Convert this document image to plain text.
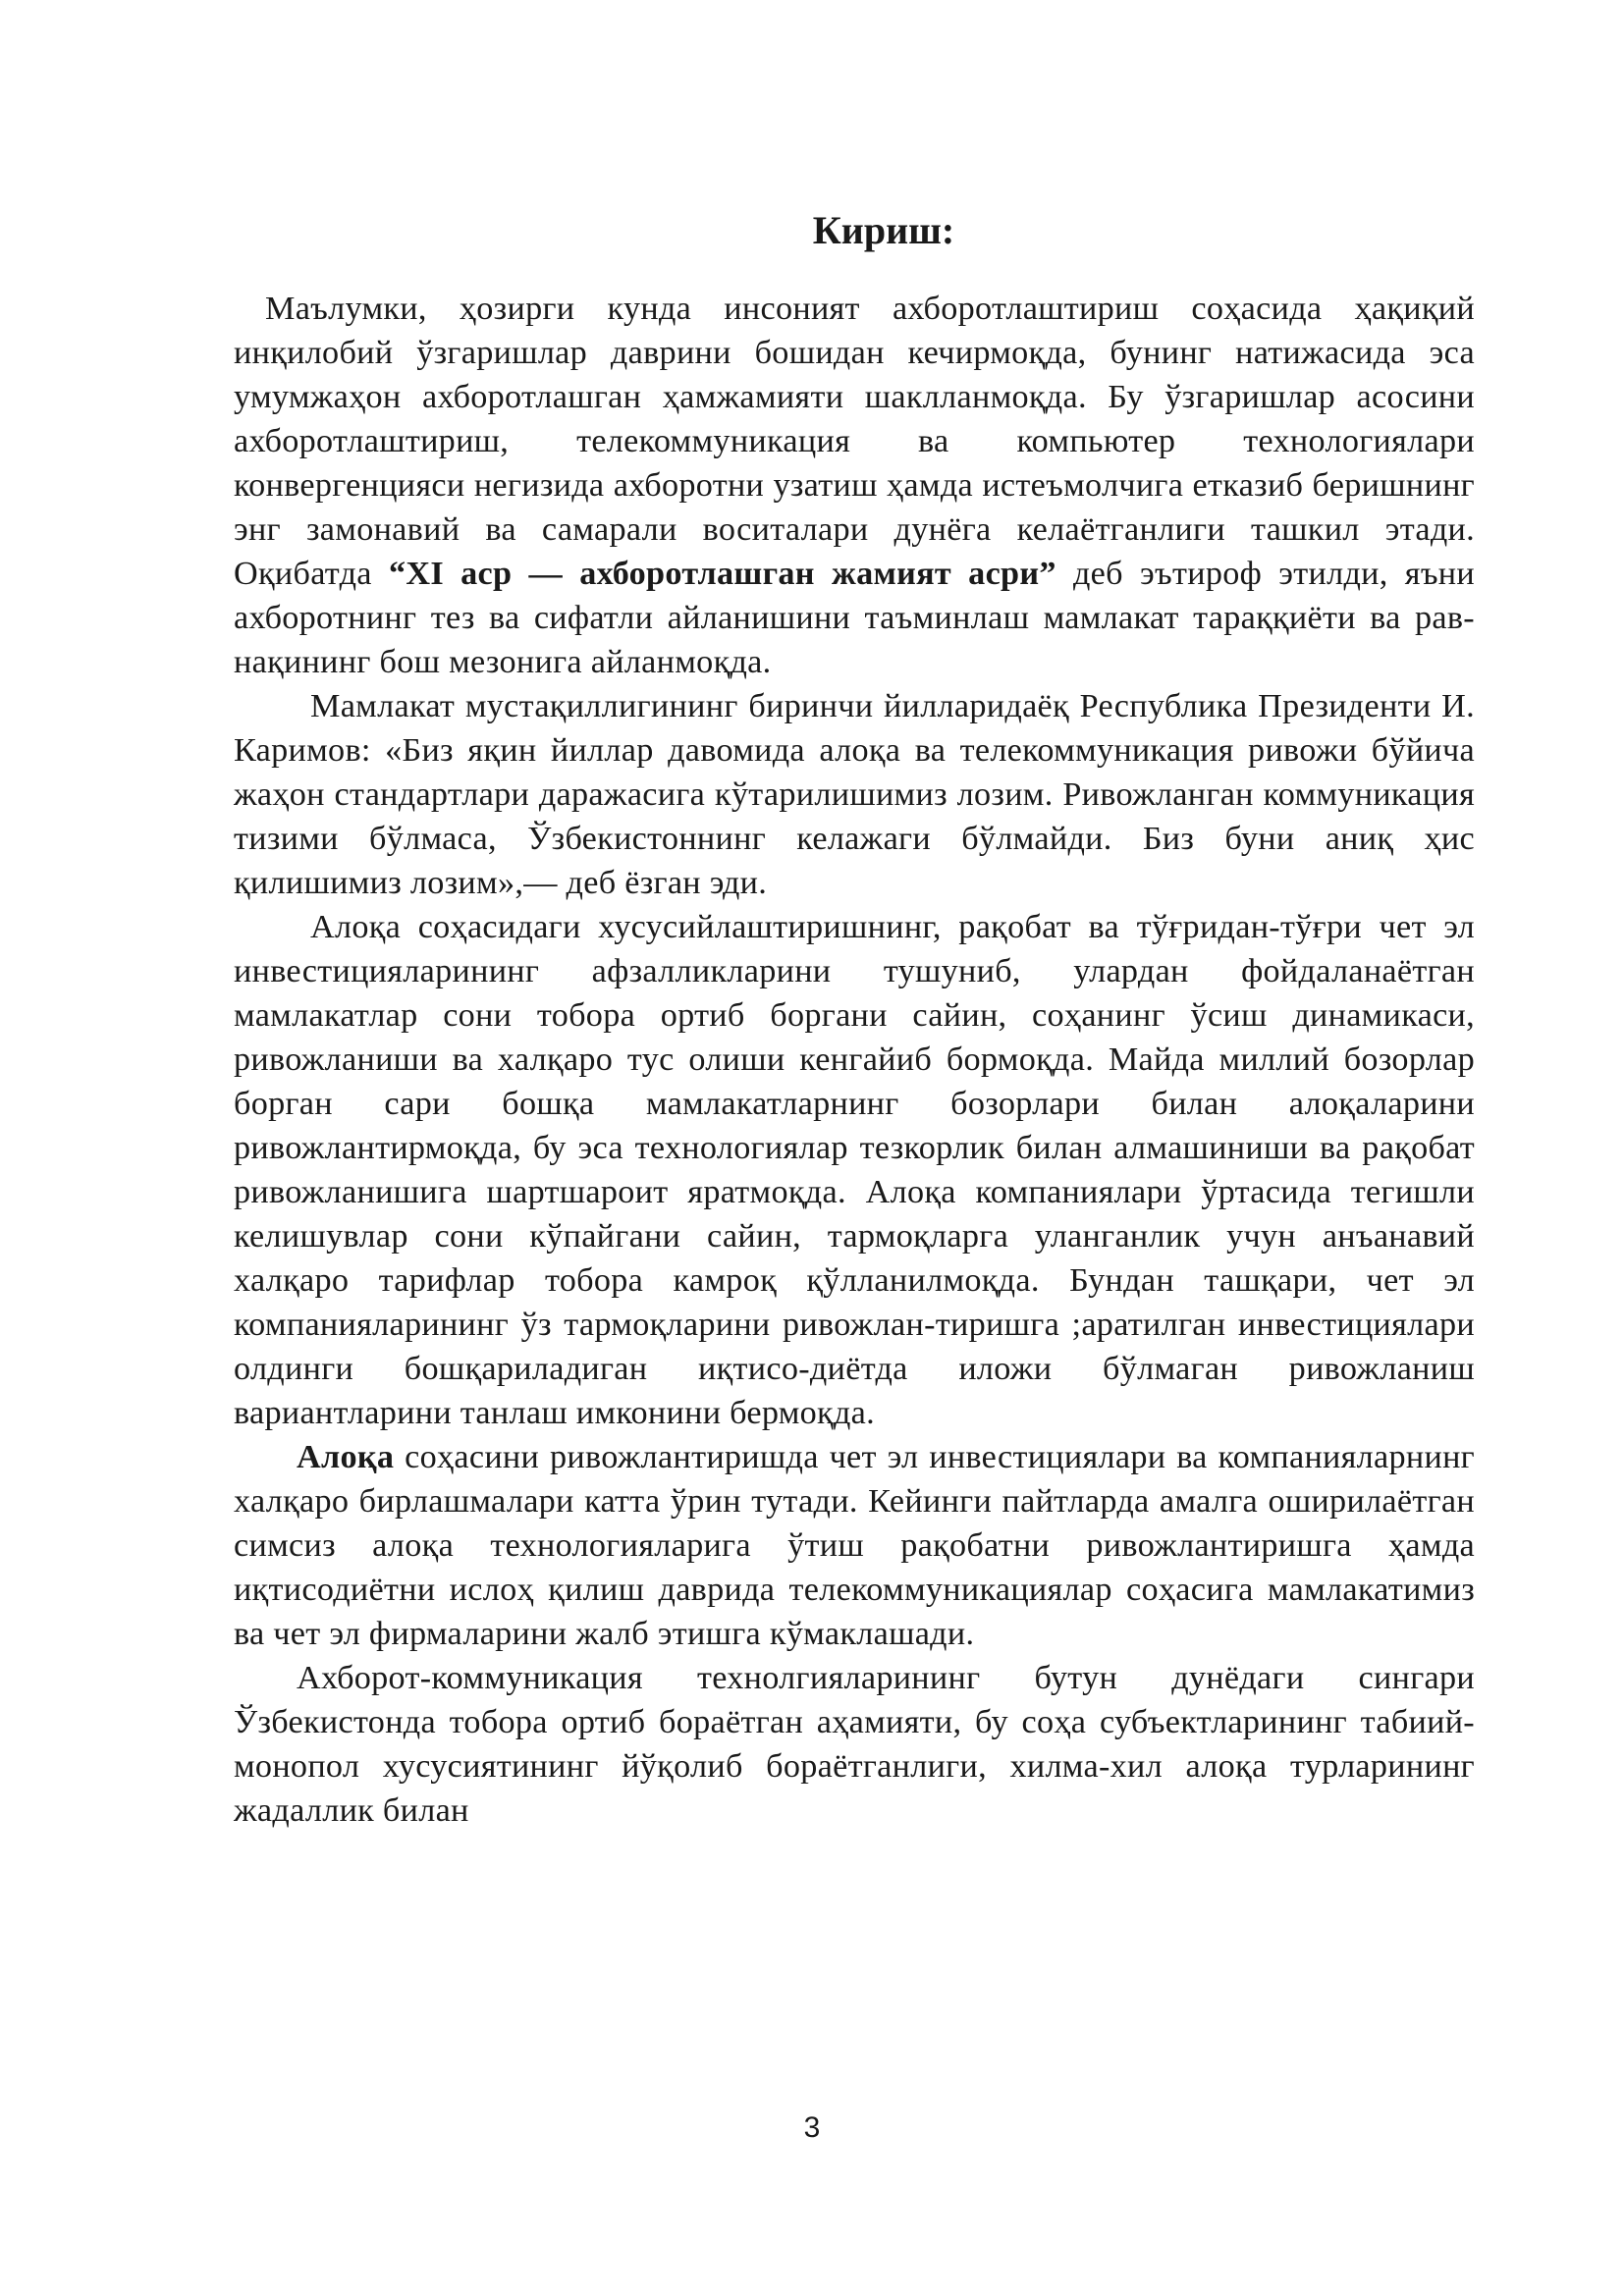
Кириш:

Маълумки, ҳозирги кунда инсоният ахборотлаштириш соҳасида ҳақиқий инқилобий ўзгаришлар даврини бошидан кечирмоқда, бунинг натижасида эса умумжаҳон ахборотлашган ҳамжамияти шаклланмоқда. Бу ўзгаришлар асосини ахборотлаштириш, телекоммуникация ва компьютер технологиялари конвергенцияси негизида ахборотни узатиш ҳамда истеъмолчига етказиб беришнинг энг замонавий ва самарали воситалари дунёга келаётганлиги ташкил этади. Оқибатда “XI аср — ахборотлашган жамият асри” деб эътироф этилди, яъни ахборотнинг тез ва сифатли айланишини таъминлаш мамлакат тараққиёти ва рав-нақининг бош мезонига айланмоқда.

Мамлакат мустақиллигининг биринчи йилларидаёқ Республика Президенти И. Каримов: «Биз яқин йиллар давомида алоқа ва телекоммуникация ривожи бўйича жаҳон стандартлари даражасига кўтарилишимиз лозим. Ривожланган коммуникация тизими бўлмаса, Ўзбекистоннинг келажаги бўлмайди. Биз буни аниқ ҳис қилишимиз лозим»,— деб ёзган эди.

Алоқа соҳасидаги хусусийлаштиришнинг, рақобат ва тўғридан-тўғри чет эл инвестицияларининг афзалликларини тушуниб, улардан фойдаланаётган мамлакатлар сони тобора ортиб боргани сайин, соҳанинг ўсиш динамикаси, ривожланиши ва халқаро тус олиши кенгайиб бормоқда. Майда миллий бозорлар борган сари бошқа мамлакатларнинг бозорлари билан алоқаларини ривожлантирмоқда, бу эса технологиялар тезкорлик билан алмашиниши ва рақобат ривожланишига шартшароит яратмоқда. Алоқа компаниялари ўртасида тегишли келишувлар сони кўпайгани сайин, тармоқларга уланганлик учун анъанавий халқаро тарифлар тобора камроқ қўлланилмоқда. Бундан ташқари, чет эл компанияларининг ўз тармоқларини ривожлан-тиришга ;аратилган инвестициялари олдинги бошқариладиган иқтисо-диётда иложи бўлмаган ривожланиш вариантларини танлаш имконини бермоқда.

Алоқа соҳасини ривожлантиришда чет эл инвестициялари ва компанияларнинг халқаро бирлашмалари катта ўрин тутади. Кейинги пайтларда амалга оширилаётган симсиз алоқа технологияларига ўтиш рақобатни ривожлантиришга ҳамда иқтисодиётни ислоҳ қилиш даврида телекоммуникациялар соҳасига мамлакатимиз ва чет эл фирмаларини жалб этишга кўмаклашади.

Ахборот-коммуникация технолгияларининг бутун дунёдаги сингари Ўзбекистонда тобора ортиб бораётган аҳамияти, бу соҳа субъектларининг табиий-монопол хусусиятининг йўқолиб бораётганлиги, хилма-хил алоқа турларининг жадаллик билан

3
